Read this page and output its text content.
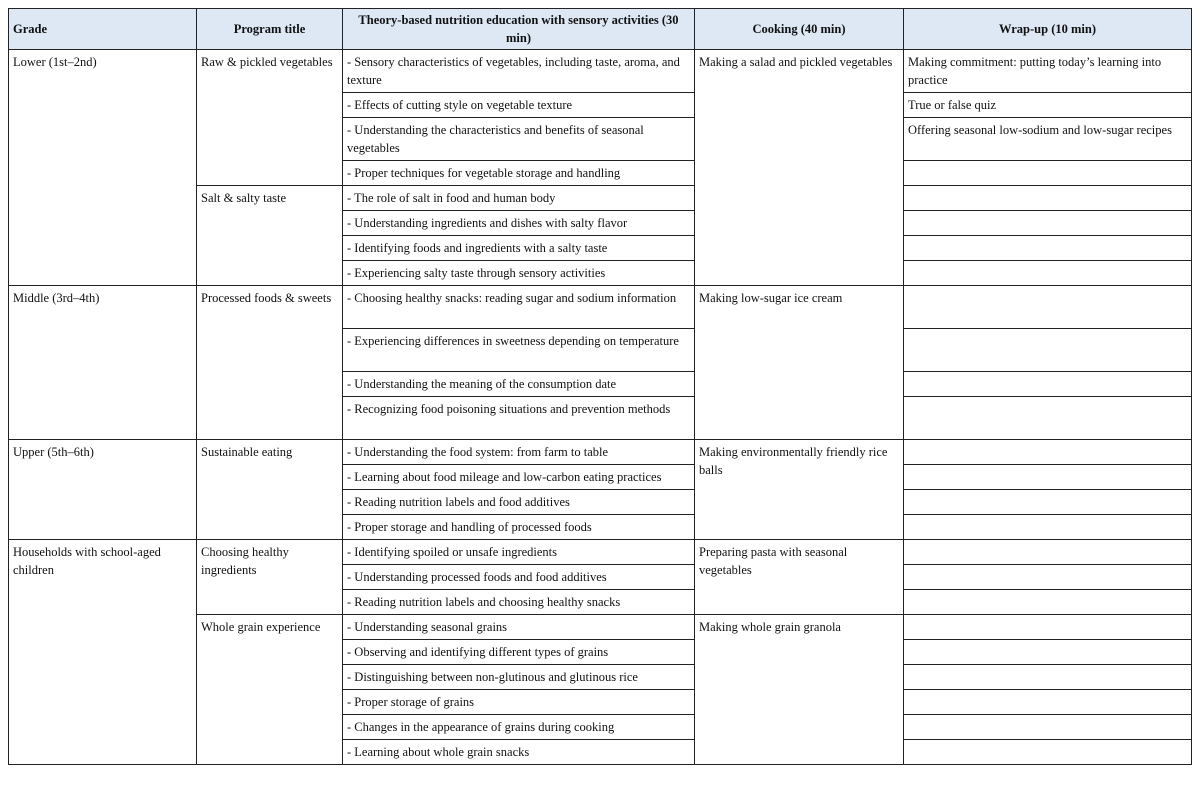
Grade	Program title	Theory-based nutrition education with sensory activities (30 min)	Cooking (40 min)	Wrap-up (10 min)
Lower (1st–2nd)	Raw & pickled vegetables	- Sensory characteristics of vegetables, including taste, aroma, and texture	Making a salad and pickled vegetables	Making commitment: putting today’s learning into practice
		- Effects of cutting style on vegetable texture		True or false quiz
		- Understanding the characteristics and benefits of seasonal vegetables		Offering seasonal low-sodium and low-sugar recipes
		- Proper techniques for vegetable storage and handling		
	Salt & salty taste	- The role of salt in food and human body		
		- Understanding ingredients and dishes with salty flavor		
		- Identifying foods and ingredients with a salty taste		
		- Experiencing salty taste through sensory activities		
Middle (3rd–4th)	Processed foods & sweets	- Choosing healthy snacks: reading sugar and sodium information	Making low-sugar ice cream	
		- Experiencing differences in sweetness depending on temperature		
		- Understanding the meaning of the consumption date		
		- Recognizing food poisoning situations and prevention methods		
Upper (5th–6th)	Sustainable eating	- Understanding the food system: from farm to table	Making environmentally friendly rice balls	
		- Learning about food mileage and low-carbon eating practices		
		- Reading nutrition labels and food additives		
		- Proper storage and handling of processed foods		
Households with school-aged children	Choosing healthy ingredients	- Identifying spoiled or unsafe ingredients	Preparing pasta with seasonal vegetables	
		- Understanding processed foods and food additives		
		- Reading nutrition labels and choosing healthy snacks		
	Whole grain experience	- Understanding seasonal grains	Making whole grain granola	
		- Observing and identifying different types of grains		
		- Distinguishing between non-glutinous and glutinous rice		
		- Proper storage of grains		
		- Changes in the appearance of grains during cooking		
		- Learning about whole grain snacks		
